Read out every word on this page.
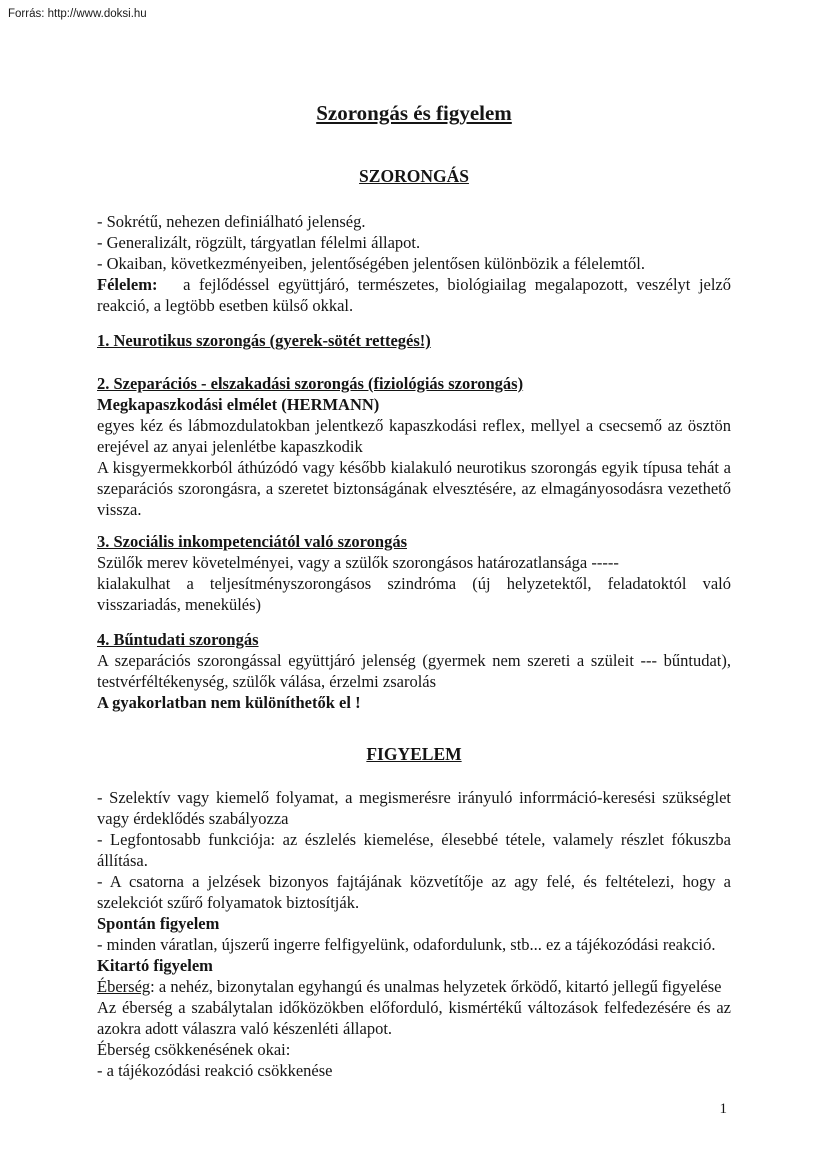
Forrás: http://www.doksi.hu
Szorongás és figyelem
SZORONGÁS

- Sokrétű, nehezen definiálható jelenség.

- Generalizált, rögzült, tárgyatlan félelmi állapot.

- Okaiban, következményeiben, jelentőségében jelentősen különbözik a félelemtől.

Félelem: a fejlődéssel együttjáró, természetes, biológiailag megalapozott, veszélyt jelző reakció, a legtöbb esetben külső okkal.

1. Neurotikus szorongás (gyerek-sötét rettegés!)
2. Szeparációs - elszakadási szorongás (fiziológiás szorongás)

Megkapaszkodási elmélet (HERMANN)

egyes kéz és lábmozdulatokban jelentkező kapaszkodási reflex, mellyel a csecsemő az ösztön erejével az anyai jelenlétbe kapaszkodik

A kisgyermekkorból áthúzódó vagy később kialakuló neurotikus szorongás egyik típusa tehát a szeparációs szorongásra, a szeretet biztonságának elvesztésére, az elmagányosodásra vezethető vissza.

3. Szociális inkompetenciától való szorongás

Szülők merev követelményei, vagy a szülők szorongásos határozatlansága -----

kialakulhat a teljesítményszorongásos szindróma (új helyzetektől, feladatoktól való visszariadás, menekülés)

4. Bűntudati szorongás

A szeparációs szorongással együttjáró jelenség (gyermek nem szereti a szüleit --- bűntudat), testvérféltékenység, szülők válása, érzelmi zsarolás

A gyakorlatban nem különíthetők el !

FIGYELEM

- Szelektív vagy kiemelő folyamat, a megismerésre irányuló inforrmáció-keresési szükséglet vagy érdeklődés szabályozza

- Legfontosabb funkciója: az észlelés kiemelése, élesebbé tétele, valamely részlet fókuszba állítása.

- A csatorna a jelzések bizonyos fajtájának közvetítője az agy felé, és feltételezi, hogy a szelekciót szűrő folyamatok biztosítják.

Spontán figyelem

- minden váratlan, újszerű ingerre felfigyelünk, odafordulunk, stb... ez a tájékozódási reakció.

Kitartó figyelem

Éberség: a nehéz, bizonytalan egyhangú és unalmas helyzetek őrködő, kitartó jellegű figyelése

Az éberség a szabálytalan időközökben előforduló, kismértékű változások felfedezésére és az azokra adott válaszra való készenléti állapot.

Éberség csökkenésének okai:

- a tájékozódási reakció csökkenése

1
